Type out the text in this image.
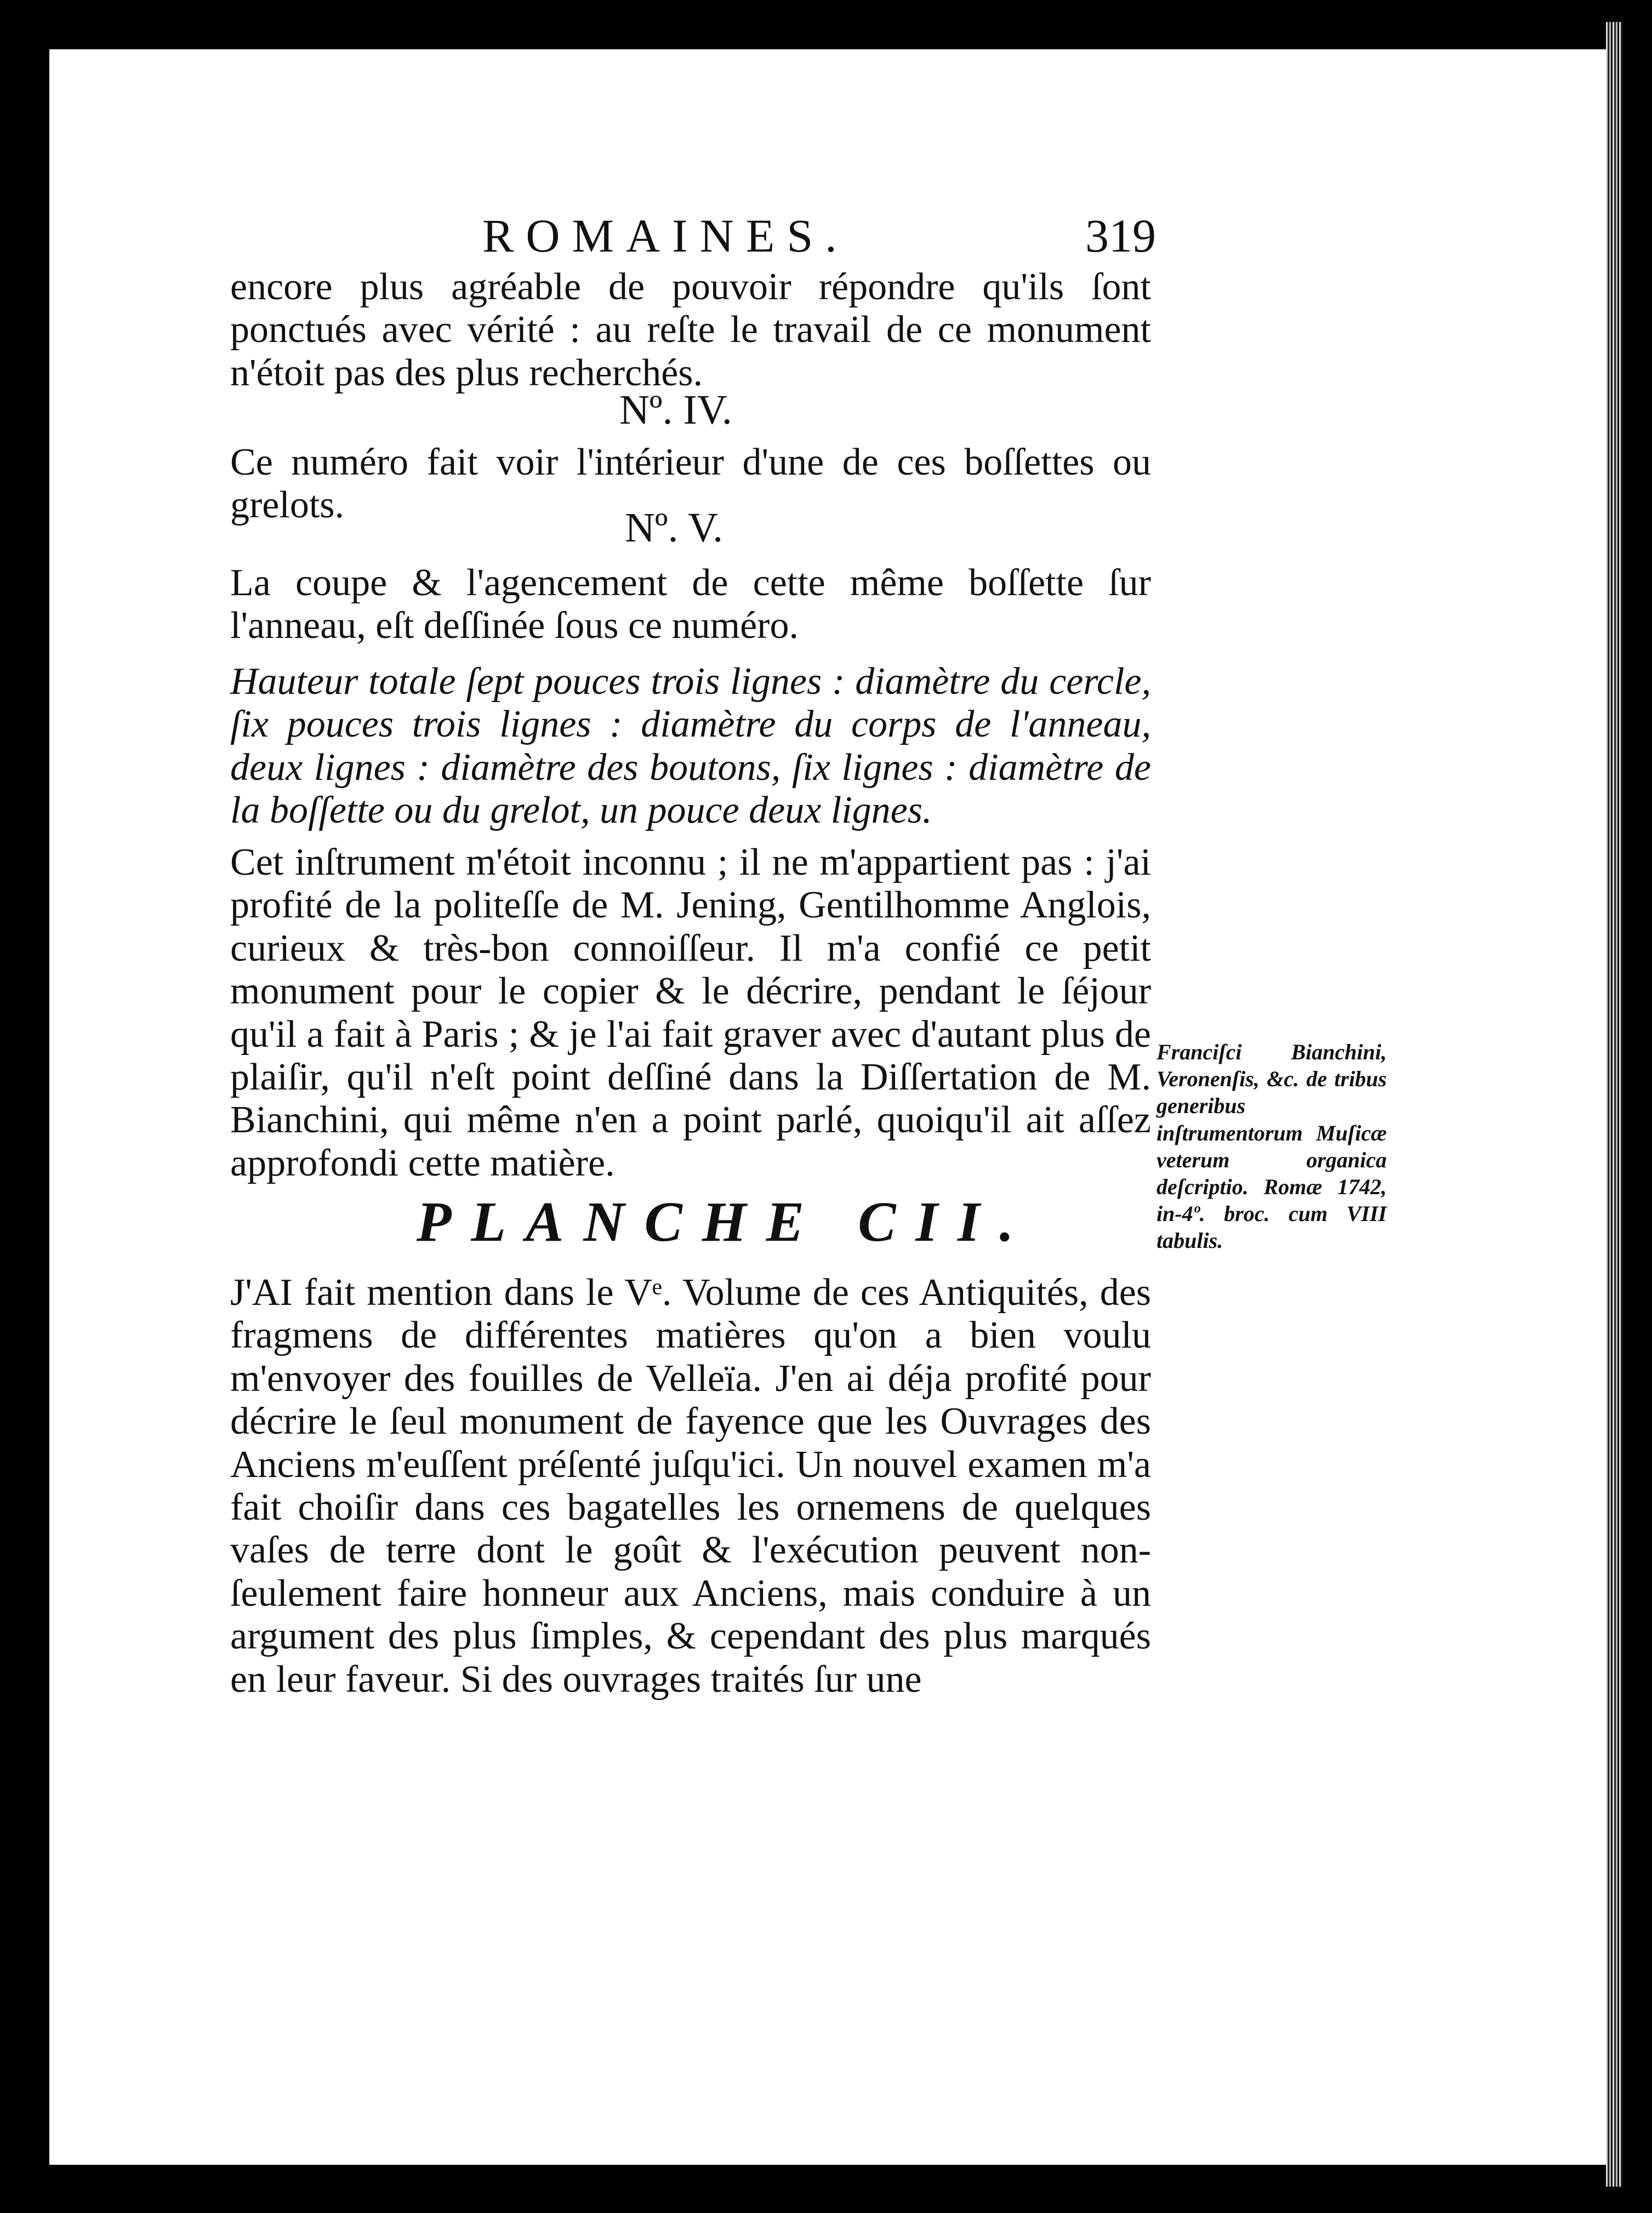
ROMAINES.	319
encore plus agréable de pouvoir répondre qu'ils ſont ponctués avec vérité : au reſte le travail de ce monument n'étoit pas des plus recherchés.
Nº. IV.
Ce numéro fait voir l'intérieur d'une de ces boſſettes ou grelots.	Nº. V.
La coupe & l'agencement de cette même boſſette ſur l'anneau, eſt deſſinée ſous ce numéro.
Hauteur totale ſept pouces trois lignes : diamètre du cercle, ſix pouces trois lignes : diamètre du corps de l'anneau, deux lignes : diamètre des boutons, ſix lignes : diamètre de la boſſette ou du grelot, un pouce deux lignes.
Cet inſtrument m'étoit inconnu ; il ne m'appartient pas : j'ai profité de la politeſſe de M. Jening, Gentilhomme Anglois, curieux & très-bon connoiſſeur. Il m'a confié ce petit monument pour le copier & le décrire, pendant le ſéjour qu'il a fait à Paris ; & je l'ai fait graver avec d'autant plus de plaiſir, qu'il n'eſt point deſſiné dans la Diſſertation de M. Bianchini, qui même n'en a point parlé, quoiqu'il ait aſſez approfondi cette matière.
PLANCHE CII.
J'AI fait mention dans le Vᵉ. Volume de ces Antiquités, des fragmens de différentes matières qu'on a bien voulu m'envoyer des fouilles de Velleïa. J'en ai déja profité pour décrire le ſeul monument de fayence que les Ouvrages des Anciens m'euſſent préſenté juſqu'ici. Un nouvel examen m'a fait choiſir dans ces bagatelles les ornemens de quelques vaſes de terre dont le goût & l'exécution peuvent non-ſeulement faire honneur aux Anciens, mais conduire à un argument des plus ſimples, & cependant des plus marqués en leur faveur. Si des ouvrages traités ſur une
Franciſci Bianchini, Veronenſis, &c. de tribus generibus inſtrumentorum Muſicæ veterum organica deſcriptio. Romæ 1742, in-4º. broc. cum VIII tabulis.
